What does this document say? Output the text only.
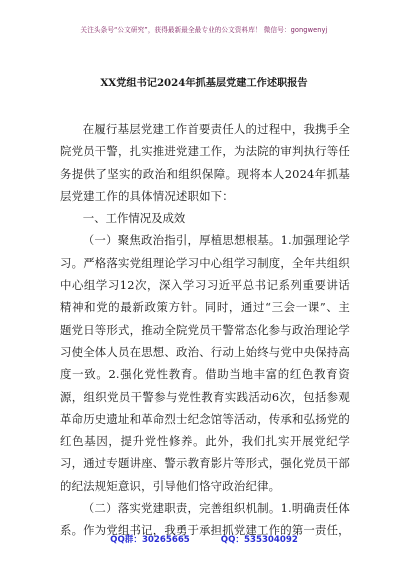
关注头条号“公文研究”，获得最新最全最专业的公文资料库！ 微信号：gongwenyj
XX党组书记2024年抓基层党建工作述职报告

在履行基层党建工作首要责任人的过程中，我携手全院党员干警，扎实推进党建工作，为法院的审判执行等任务提供了坚实的政治和组织保障。现将本人2024年抓基层党建工作的具体情况述职如下：

一、工作情况及成效

（一）聚焦政治指引，厚植思想根基。1.加强理论学习。严格落实党组理论学习中心组学习制度，全年共组织中心组学习12次，深入学习习近平总书记系列重要讲话精神和党的最新政策方针。同时，通过“三会一课”、主题党日等形式，推动全院党员干警常态化参与政治理论学习使全体人员在思想、政治、行动上始终与党中央保持高度一致。2.强化党性教育。借助当地丰富的红色教育资源，组织党员干警参与党性教育实践活动6次，包括参观革命历史遗址和革命烈士纪念馆等活动，传承和弘扬党的红色基因，提升党性修养。此外，我们扎实开展党纪学习，通过专题讲座、警示教育影片等形式，强化党员干部的纪法规矩意识，引导他们恪守政治纪律。

（二）落实党建职责，完善组织机制。1.明确责任体系。作为党组书记，我勇于承担抓党建工作的第一责任，

QQ群：30265665	QQ：535304092
